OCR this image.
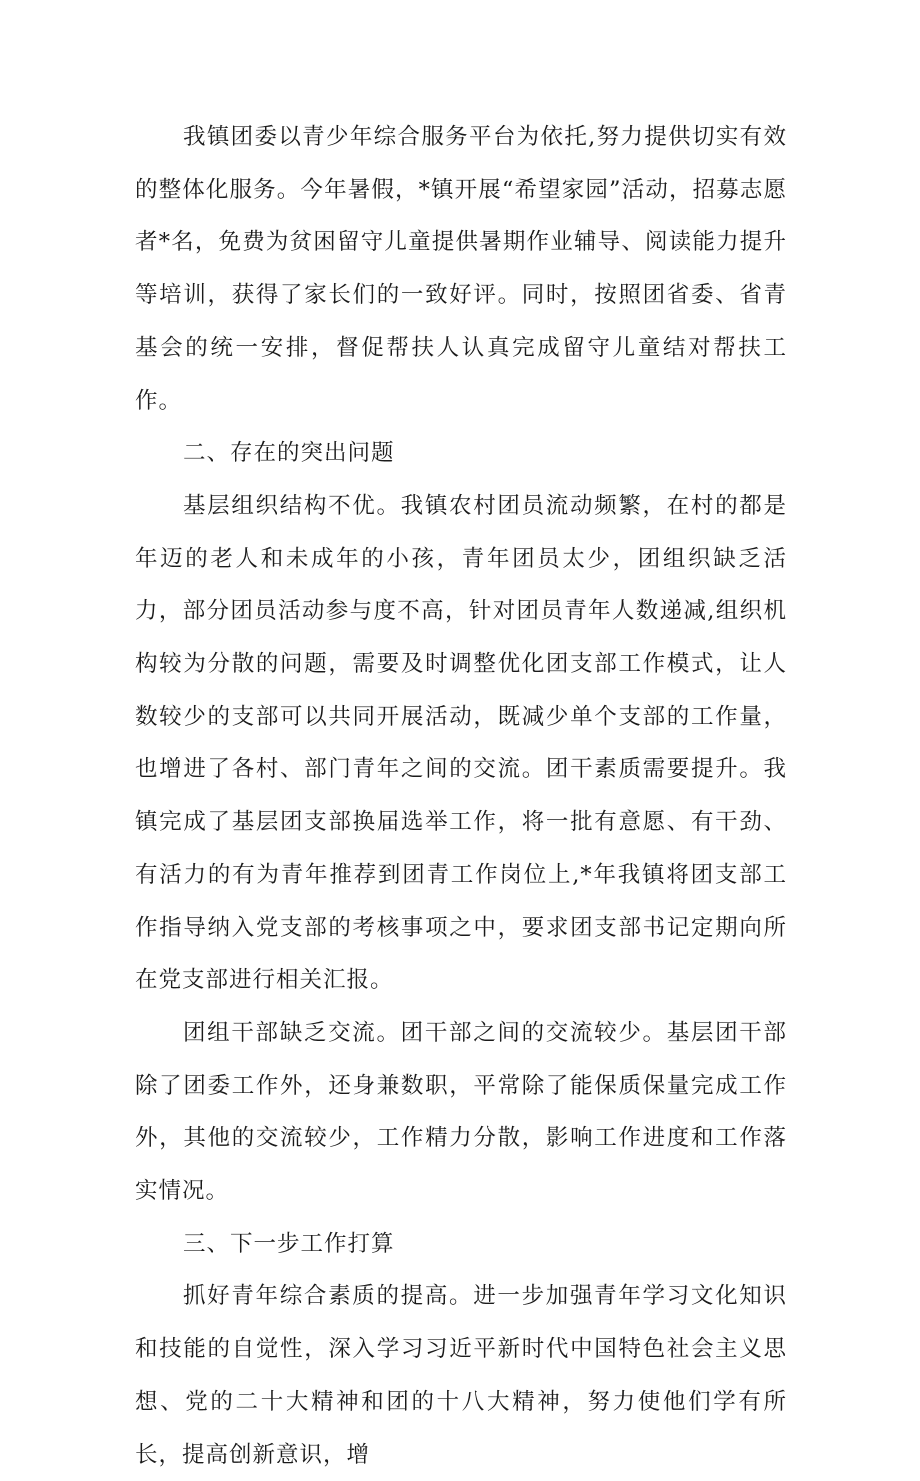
我镇团委以青少年综合服务平台为依托,努力提供切实有效的整体化服务。今年暑假，*镇开展“希望家园”活动，招募志愿者*名，免费为贫困留守儿童提供暑期作业辅导、阅读能力提升等培训，获得了家长们的一致好评。同时，按照团省委、省青基会的统一安排，督促帮扶人认真完成留守儿童结对帮扶工作。

二、存在的突出问题

基层组织结构不优。我镇农村团员流动频繁，在村的都是年迈的老人和未成年的小孩，青年团员太少，团组织缺乏活力，部分团员活动参与度不高，针对团员青年人数递减,组织机构较为分散的问题，需要及时调整优化团支部工作模式，让人数较少的支部可以共同开展活动，既减少单个支部的工作量，也增进了各村、部门青年之间的交流。团干素质需要提升。我镇完成了基层团支部换届选举工作，将一批有意愿、有干劲、有活力的有为青年推荐到团青工作岗位上,*年我镇将团支部工作指导纳入党支部的考核事项之中，要求团支部书记定期向所在党支部进行相关汇报。

团组干部缺乏交流。团干部之间的交流较少。基层团干部除了团委工作外，还身兼数职，平常除了能保质保量完成工作外，其他的交流较少，工作精力分散，影响工作进度和工作落实情况。

三、下一步工作打算

抓好青年综合素质的提高。进一步加强青年学习文化知识和技能的自觉性，深入学习习近平新时代中国特色社会主义思想、党的二十大精神和团的十八大精神，努力使他们学有所长，提高创新意识，增
